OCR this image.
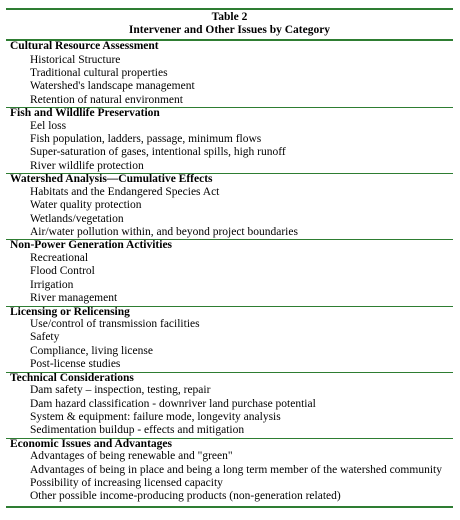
Table 2
Intervener and Other Issues by Category
Cultural Resource Assessment
Historical Structure
Traditional cultural properties
Watershed's landscape management
Retention of natural environment
Fish and Wildlife Preservation
Eel loss
Fish population, ladders, passage, minimum flows
Super-saturation of gases, intentional spills, high runoff
River wildlife protection
Watershed Analysis—Cumulative Effects
Habitats and the Endangered Species Act
Water quality protection
Wetlands/vegetation
Air/water pollution within, and beyond project boundaries
Non-Power Generation Activities
Recreational
Flood Control
Irrigation
River management
Licensing or Relicensing
Use/control of transmission facilities
Safety
Compliance, living license
Post-license studies
Technical Considerations
Dam safety – inspection, testing, repair
Dam hazard classification - downriver land purchase potential
System & equipment: failure mode, longevity analysis
Sedimentation buildup - effects and mitigation
Economic Issues and Advantages
Advantages of being renewable and "green"
Advantages of being in place and being a long term member of the watershed community
Possibility of increasing licensed capacity
Other possible income-producing products (non-generation related)
